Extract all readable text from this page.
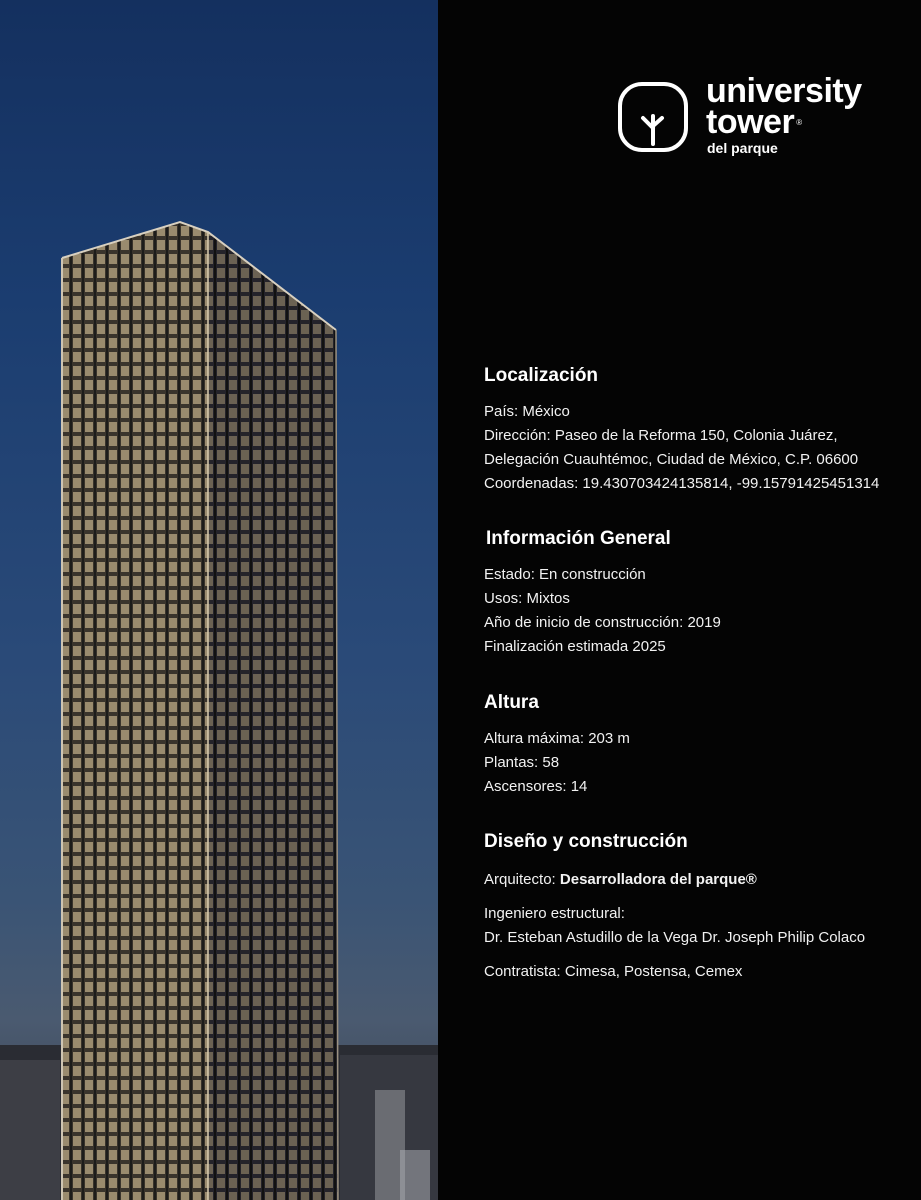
university
tower ®
del parque
Localización
País: México
Dirección: Paseo de la Reforma 150, Colonia Juárez,
Delegación Cuauhtémoc, Ciudad de México, C.P. 06600
Coordenadas: 19.430703424135814, -99.15791425451314
Información General
Estado: En construcción
Usos: Mixtos
Año de inicio de construcción: 2019
Finalización estimada 2025
Altura
Altura máxima: 203 m
Plantas: 58
Ascensores: 14
Diseño y construcción
Arquitecto: Desarrolladora del parque®
Ingeniero estructural:
Dr. Esteban Astudillo de la Vega Dr. Joseph Philip Colaco
Contratista: Cimesa, Postensa, Cemex
